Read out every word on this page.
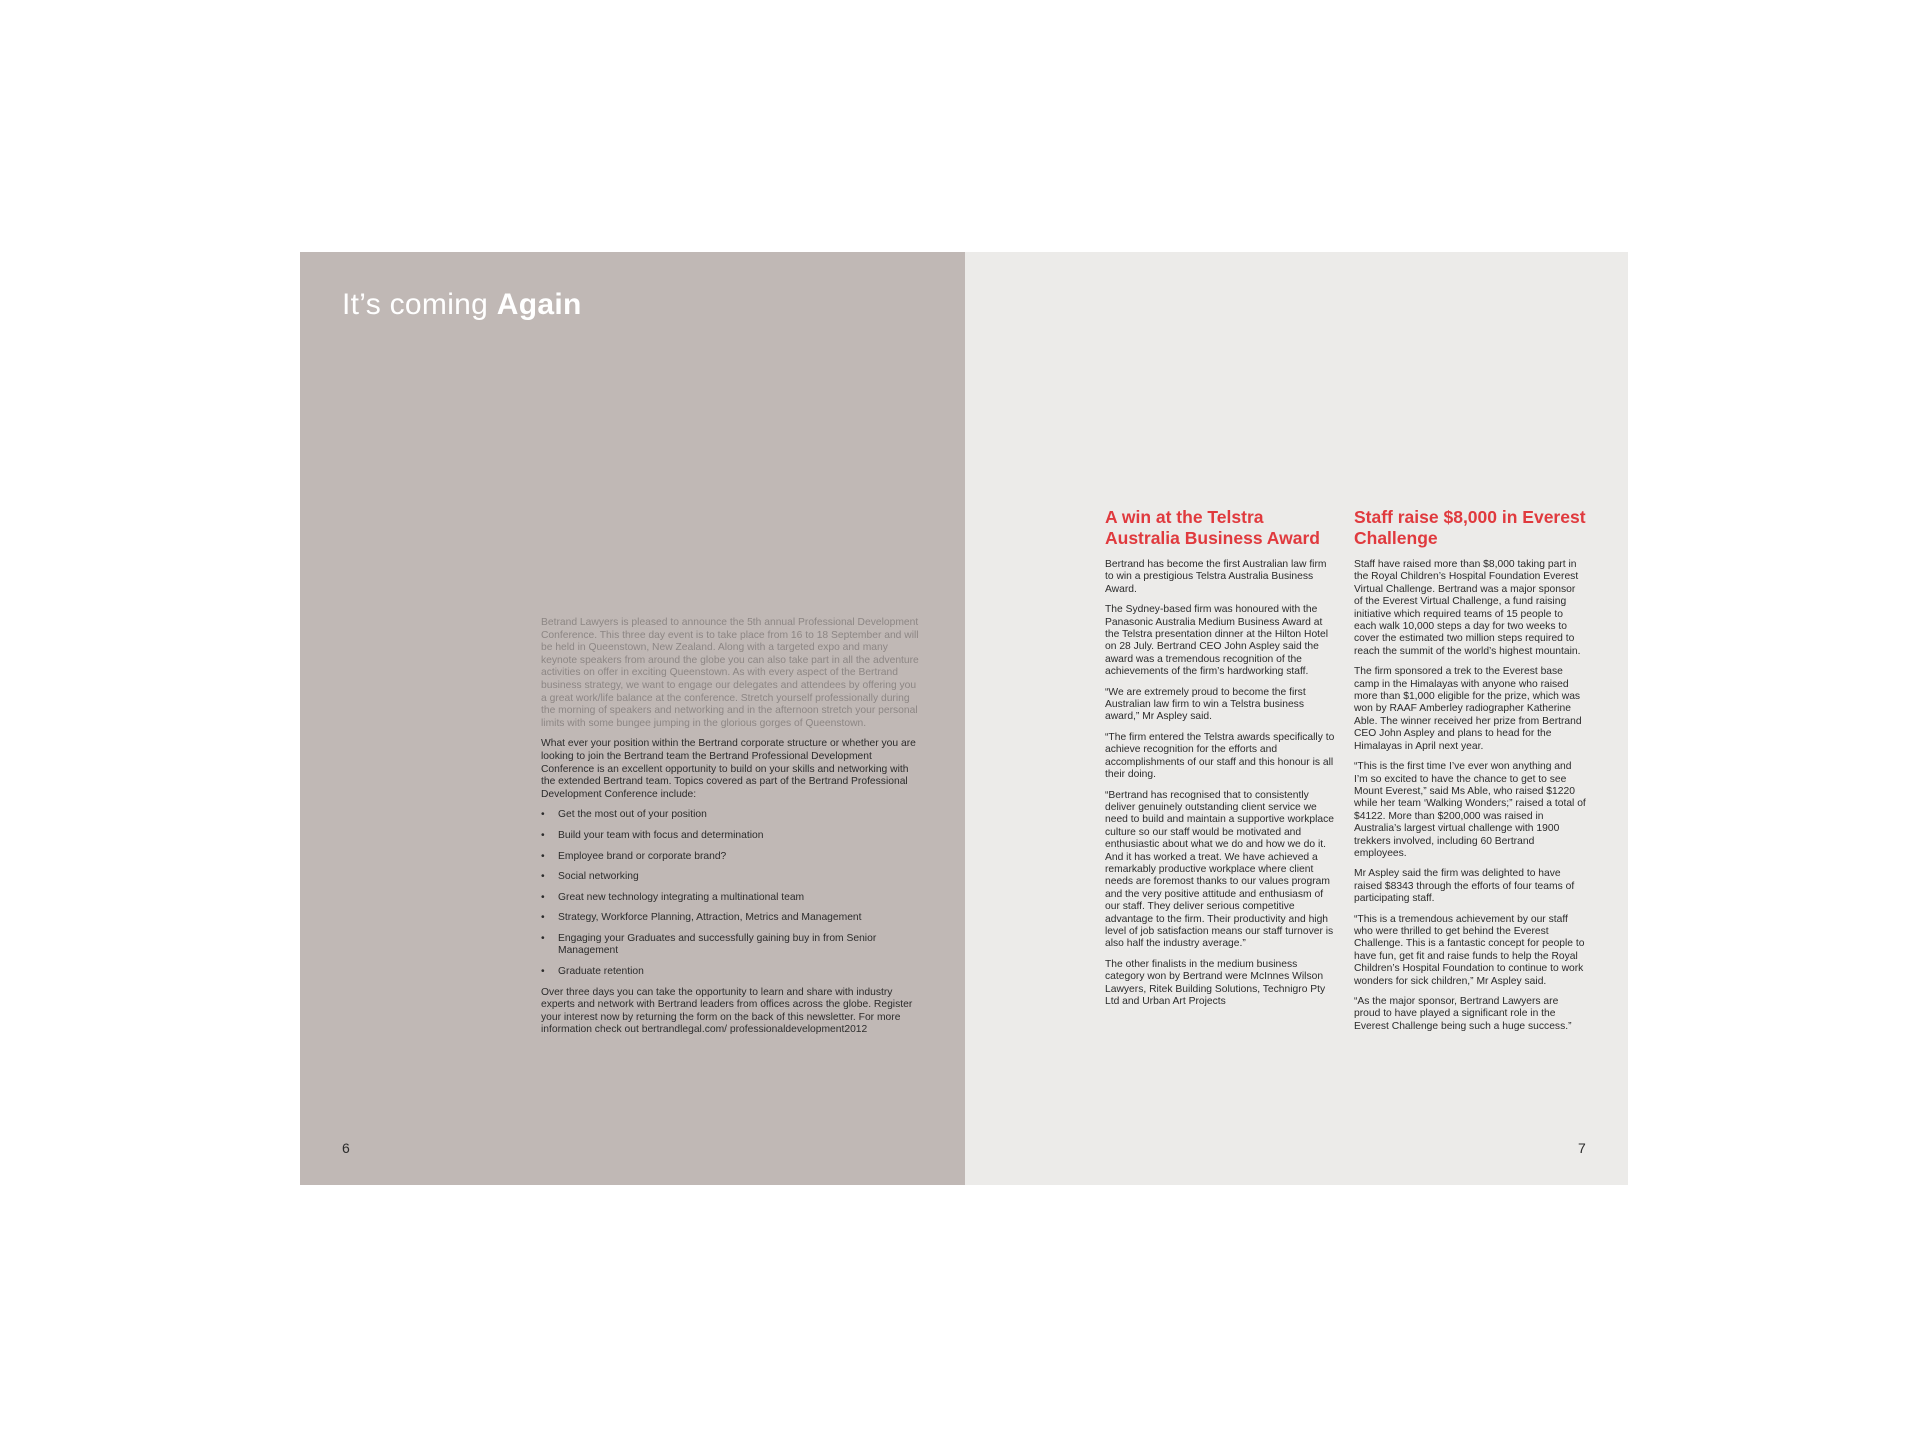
It’s coming Again

Betrand Lawyers is pleased to announce the 5th annual Professional Development Conference. This three day event is to take place from 16 to 18 September and will be held in Queenstown, New Zealand. Along with a targeted expo and many keynote speakers from around the globe you can also take part in all the adventure activities on offer in exciting Queenstown. As with every aspect of the Bertrand business strategy, we want to engage our delegates and attendees by offering you a great work/life balance at the conference. Stretch yourself professionally during the morning of speakers and networking and in the afternoon stretch your personal limits with some bungee jumping in the glorious gorges of Queenstown.

What ever your position within the Bertrand corporate structure or whether you are looking to join the Bertrand team the Bertrand Professional Development Conference is an excellent opportunity to build on your skills and networking with the extended Bertrand team. Topics covered as part of the Bertrand Professional Development Conference include:

• Get the most out of your position
• Build your team with focus and determination
• Employee brand or corporate brand?
• Social networking
• Great new technology integrating a multinational team
• Strategy, Workforce Planning, Attraction, Metrics and Management
• Engaging your Graduates and successfully gaining buy in from Senior Management
• Graduate retention

Over three days you can take the opportunity to learn and share with industry experts and network with Bertrand leaders from offices across the globe. Register your interest now by returning the form on the back of this newsletter. For more information check out bertrandlegal.com/ professionaldevelopment2012

6
A win at the Telstra Australia Business Award

Bertrand has become the first Australian law firm to win a prestigious Telstra Australia Business Award.

The Sydney-based firm was honoured with the Panasonic Australia Medium Business Award at the Telstra presentation dinner at the Hilton Hotel on 28 July. Bertrand CEO John Aspley said the award was a tremendous recognition of the achievements of the firm’s hardworking staff.

“We are extremely proud to become the first Australian law firm to win a Telstra business award,” Mr Aspley said.

“The firm entered the Telstra awards specifically to achieve recognition for the efforts and accomplishments of our staff and this honour is all their doing.

“Bertrand has recognised that to consistently deliver genuinely outstanding client service we need to build and maintain a supportive workplace culture so our staff would be motivated and enthusiastic about what we do and how we do it. And it has worked a treat. We have achieved a remarkably productive workplace where client needs are foremost thanks to our values program and the very positive attitude and enthusiasm of our staff. They deliver serious competitive advantage to the firm. Their productivity and high level of job satisfaction means our staff turnover is also half the industry average.”

The other finalists in the medium business category won by Bertrand were McInnes Wilson Lawyers, Ritek Building Solutions, Technigro Pty Ltd and Urban Art Projects

Staff raise $8,000 in Everest Challenge

Staff have raised more than $8,000 taking part in the Royal Children’s Hospital Foundation Everest Virtual Challenge. Bertrand was a major sponsor of the Everest Virtual Challenge, a fund raising initiative which required teams of 15 people to each walk 10,000 steps a day for two weeks to cover the estimated two million steps required to reach the summit of the world’s highest mountain.

The firm sponsored a trek to the Everest base camp in the Himalayas with anyone who raised more than $1,000 eligible for the prize, which was won by RAAF Amberley radiographer Katherine Able. The winner received her prize from Bertrand CEO John Aspley and plans to head for the Himalayas in April next year.

“This is the first time I’ve ever won anything and I’m so excited to have the chance to get to see Mount Everest,” said Ms Able, who raised $1220 while her team ‘Walking Wonders;” raised a total of $4122. More than $200,000 was raised in Australia’s largest virtual challenge with 1900 trekkers involved, including 60 Bertrand employees.

Mr Aspley said the firm was delighted to have raised $8343 through the efforts of four teams of participating staff.

“This is a tremendous achievement by our staff who were thrilled to get behind the Everest Challenge. This is a fantastic concept for people to have fun, get fit and raise funds to help the Royal Children’s Hospital Foundation to continue to work wonders for sick children,” Mr Aspley said.

“As the major sponsor, Bertrand Lawyers are proud to have played a significant role in the Everest Challenge being such a huge success.”

7
